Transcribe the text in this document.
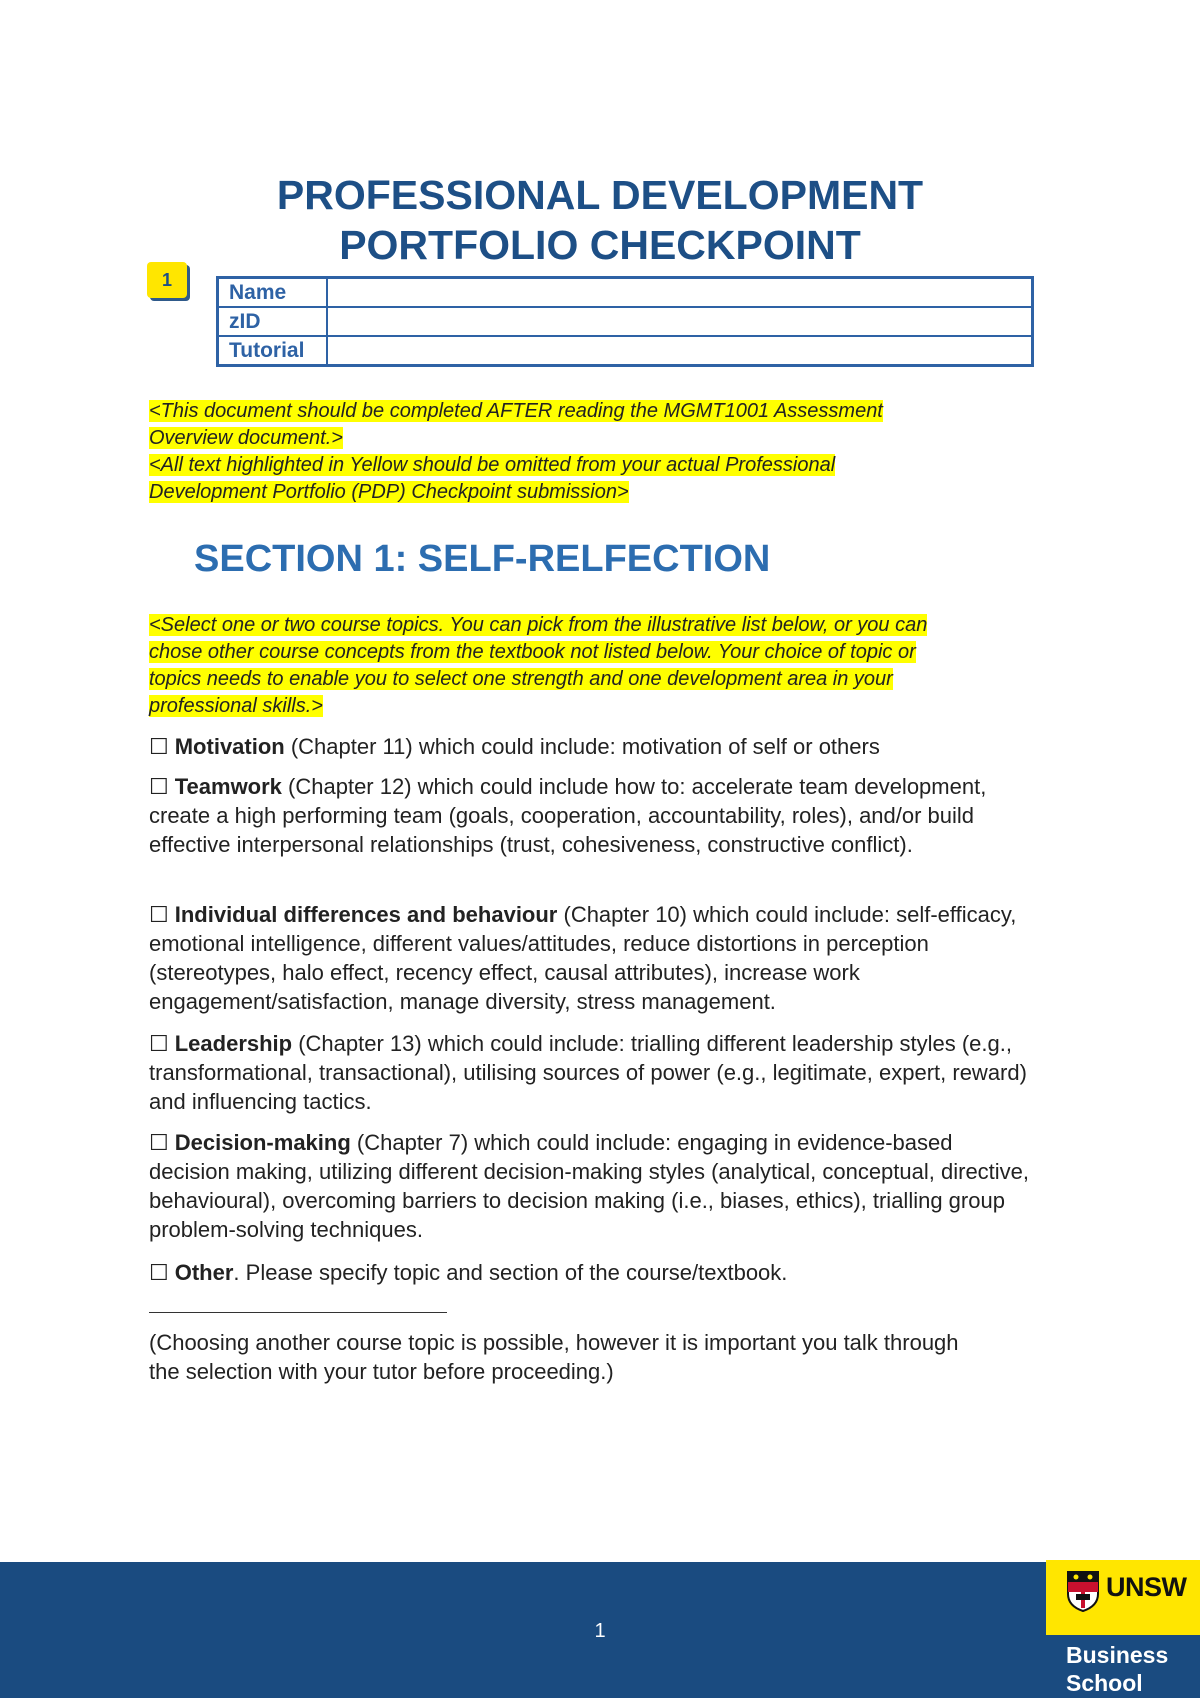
PROFESSIONAL DEVELOPMENT
PORTFOLIO CHECKPOINT
1
Name	
zID	
Tutorial	
<This document should be completed AFTER reading the MGMT1001 Assessment
Overview document.>
<All text highlighted in Yellow should be omitted from your actual Professional
Development Portfolio (PDP) Checkpoint submission>
SECTION 1: SELF-RELFECTION
<Select one or two course topics. You can pick from the illustrative list below, or you can
chose other course concepts from the textbook not listed below. Your choice of topic or
topics needs to enable you to select one strength and one development area in your
professional skills.>
☐ Motivation (Chapter 11) which could include: motivation of self or others
☐ Teamwork (Chapter 12) which could include how to: accelerate team development, create a high performing team (goals, cooperation, accountability, roles), and/or build effective interpersonal relationships (trust, cohesiveness, constructive conflict).
☐ Individual differences and behaviour (Chapter 10) which could include: self-efficacy, emotional intelligence, different values/attitudes, reduce distortions in perception (stereotypes, halo effect, recency effect, causal attributes), increase work engagement/satisfaction, manage diversity, stress management.
☐ Leadership (Chapter 13) which could include: trialling different leadership styles (e.g., transformational, transactional), utilising sources of power (e.g., legitimate, expert, reward) and influencing tactics.
☐ Decision-making (Chapter 7) which could include: engaging in evidence-based decision making, utilizing different decision-making styles (analytical, conceptual, directive, behavioural), overcoming barriers to decision making (i.e., biases, ethics), trialling group problem-solving techniques.
☐ Other. Please specify topic and section of the course/textbook.
(Choosing another course topic is possible, however it is important you talk through the selection with your tutor before proceeding.)
1
UNSW
Business School
